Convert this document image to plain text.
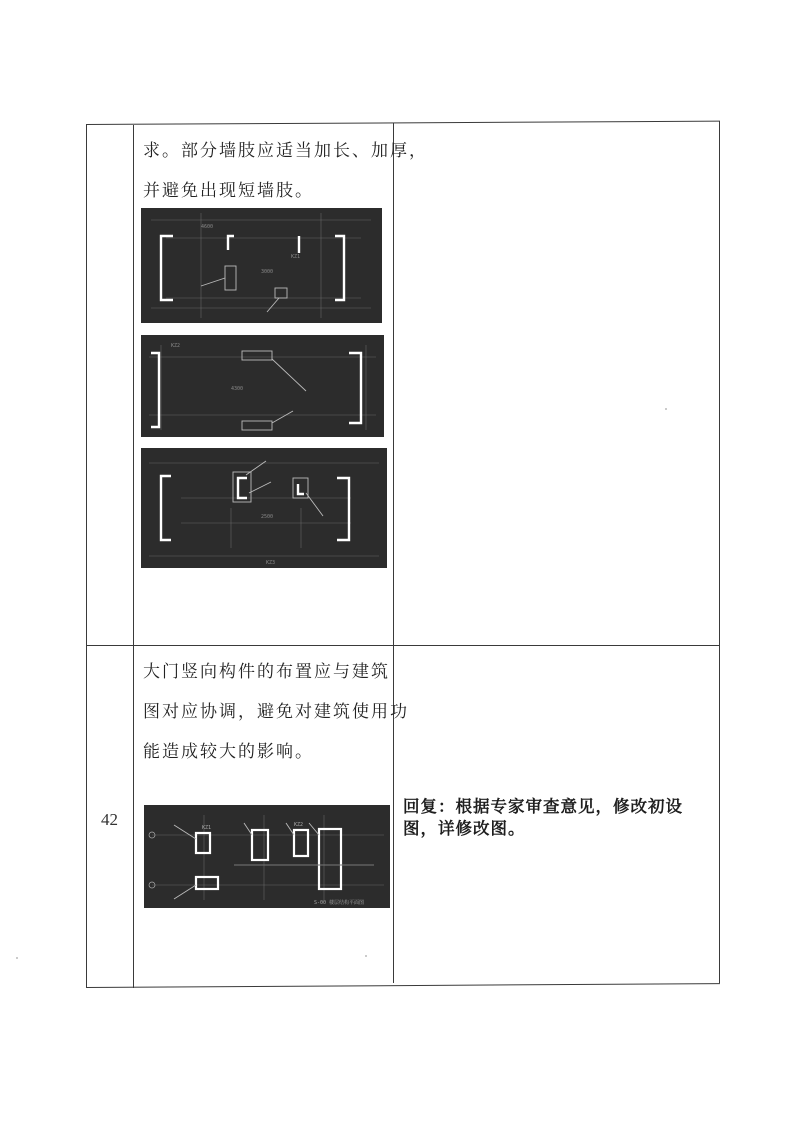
求。部分墙肢应适当加长、加厚，
并避免出现短墙肢。
3000
KZ1
4600
4300
KZ2
2500
KZ3
42
大门竖向构件的布置应与建筑
图对应协调，避免对建筑使用功
能造成较大的影响。
KZ1	KZ2
S-00 楼层结构平面图
回复：根据专家审查意见，修改初设图，详修改图。
